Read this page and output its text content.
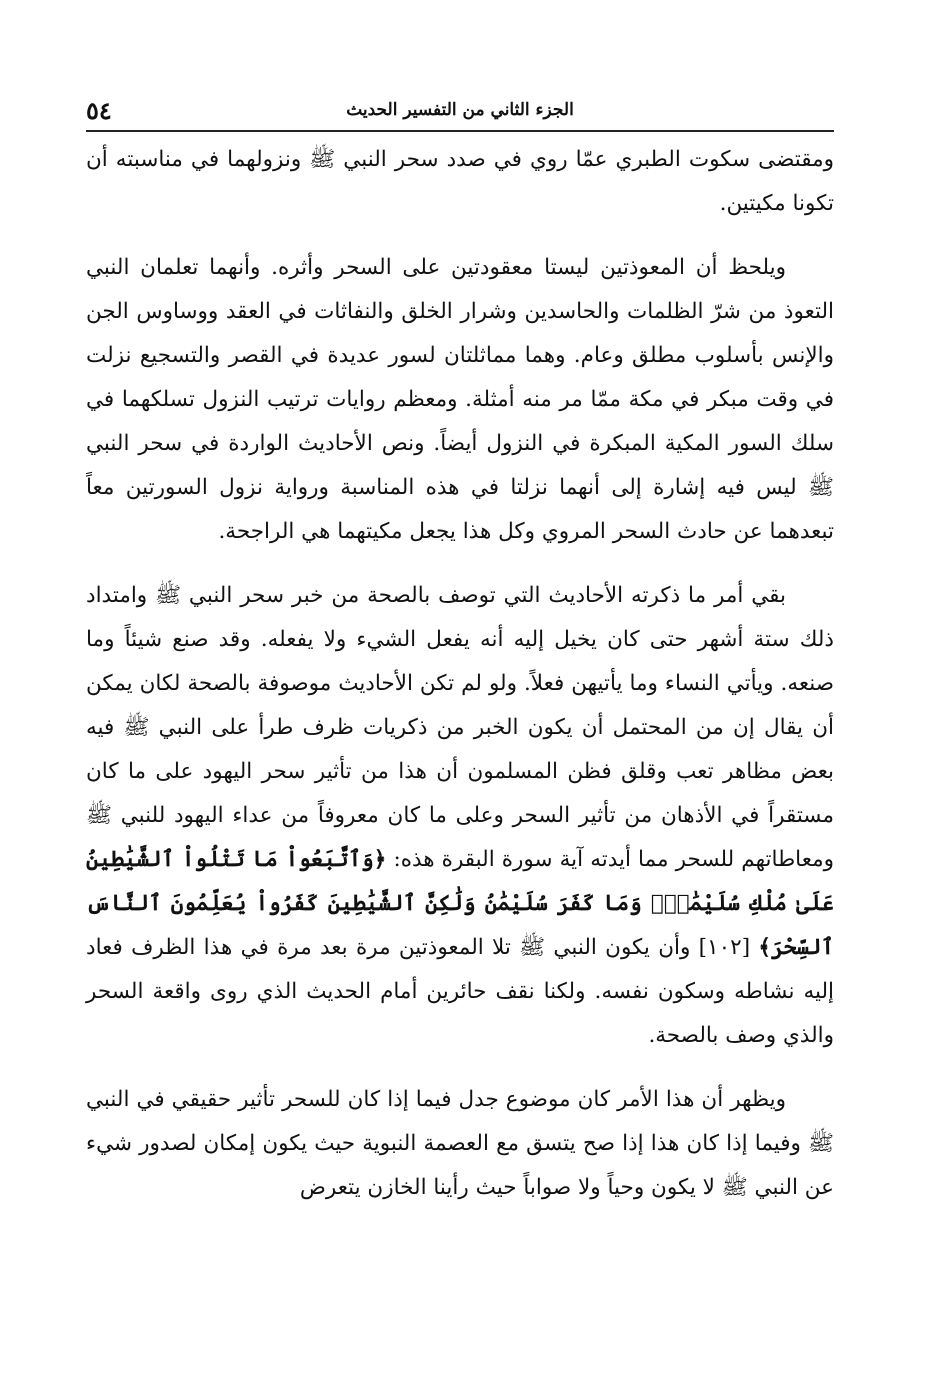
٥٤	الجزء الثاني من التفسير الحديث

ومقتضى سكوت الطبري عمّا روي في صدد سحر النبي ﷺ ونزولهما في مناسبته أن تكونا مكيتين.

ويلحظ أن المعوذتين ليستا معقودتين على السحر وأثره. وأنهما تعلمان النبي التعوذ من شرّ الظلمات والحاسدين وشرار الخلق والنفاثات في العقد ووساوس الجن والإنس بأسلوب مطلق وعام. وهما مماثلتان لسور عديدة في القصر والتسجيع نزلت في وقت مبكر في مكة ممّا مر منه أمثلة. ومعظم روايات ترتيب النزول تسلكهما في سلك السور المكية المبكرة في النزول أيضاً. ونص الأحاديث الواردة في سحر النبي ﷺ ليس فيه إشارة إلى أنهما نزلتا في هذه المناسبة ورواية نزول السورتين معاً تبعدهما عن حادث السحر المروي وكل هذا يجعل مكيتهما هي الراجحة.

بقي أمر ما ذكرته الأحاديث التي توصف بالصحة من خبر سحر النبي ﷺ وامتداد ذلك ستة أشهر حتى كان يخيل إليه أنه يفعل الشيء ولا يفعله. وقد صنع شيئاً وما صنعه. ويأتي النساء وما يأتيهن فعلاً. ولو لم تكن الأحاديث موصوفة بالصحة لكان يمكن أن يقال إن من المحتمل أن يكون الخبر من ذكريات ظرف طرأ على النبي ﷺ فيه بعض مظاهر تعب وقلق فظن المسلمون أن هذا من تأثير سحر اليهود على ما كان مستقراً في الأذهان من تأثير السحر وعلى ما كان معروفاً من عداء اليهود للنبي ﷺ ومعاطاتهم للسحر مما أيدته آية سورة البقرة هذه: ﴿وَٱتَّبَعُواْ مَا تَتْلُواْ ٱلشَّيَٰطِينُ عَلَىٰ مُلْكِ سُلَيْمَٰنَۖ وَمَا كَفَرَ سُلَيْمَٰنُ وَلَٰكِنَّ ٱلشَّيَٰطِينَ كَفَرُواْ يُعَلِّمُونَ ٱلنَّاسَ ٱلسِّحْرَ﴾ [١٠٢] وأن يكون النبي ﷺ تلا المعوذتين مرة بعد مرة في هذا الظرف فعاد إليه نشاطه وسكون نفسه. ولكنا نقف حائرين أمام الحديث الذي روى واقعة السحر والذي وصف بالصحة.

ويظهر أن هذا الأمر كان موضوع جدل فيما إذا كان للسحر تأثير حقيقي في النبي ﷺ وفيما إذا كان هذا إذا صح يتسق مع العصمة النبوية حيث يكون إمكان لصدور شيء عن النبي ﷺ لا يكون وحياً ولا صواباً حيث رأينا الخازن يتعرض
